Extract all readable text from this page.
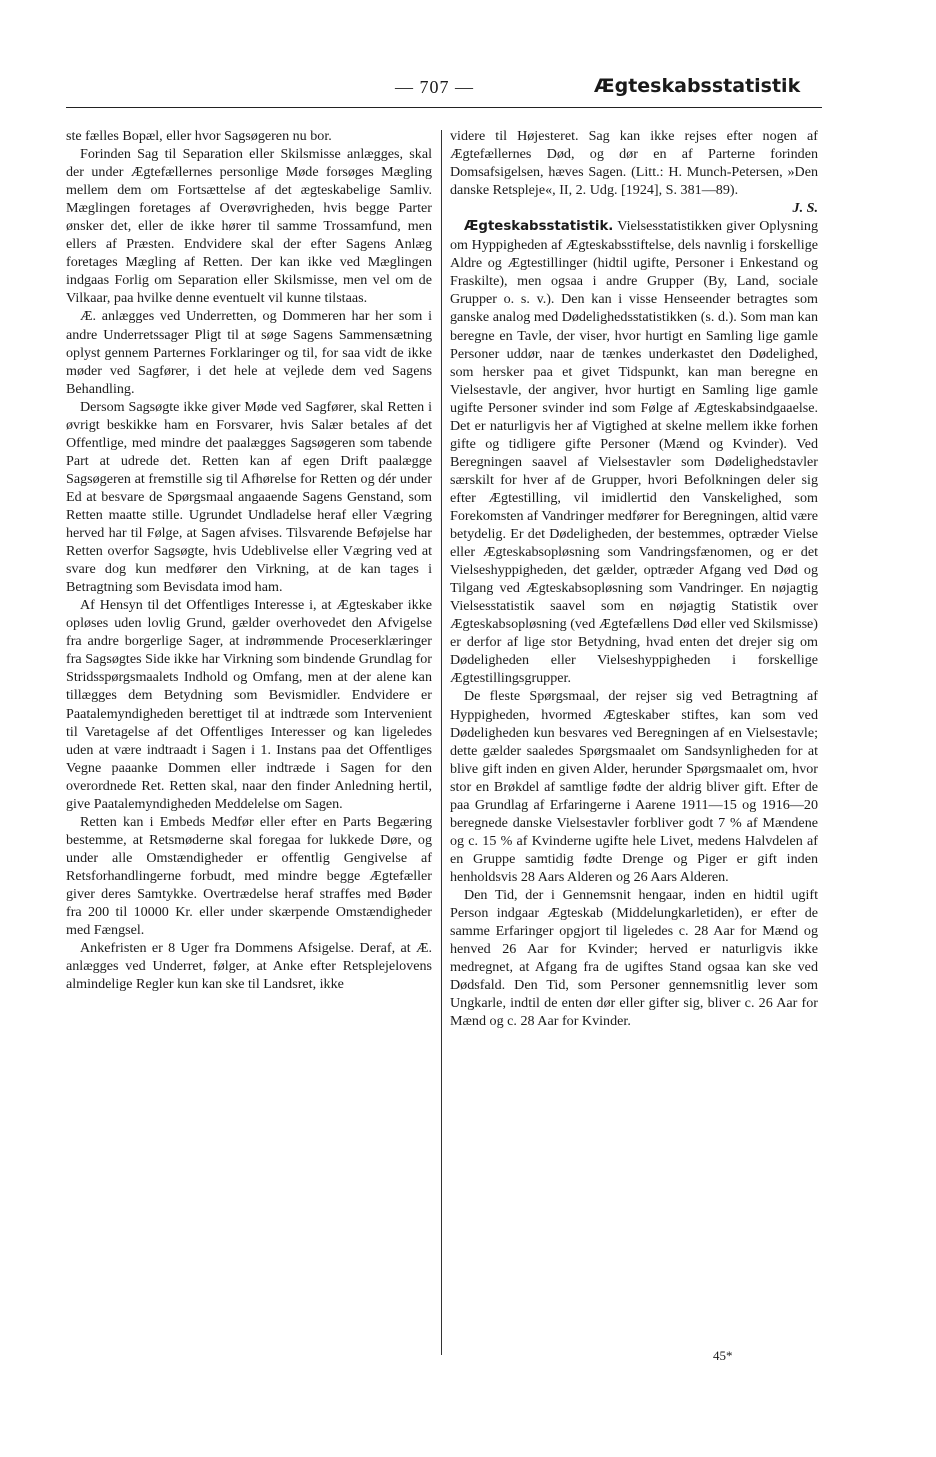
— 707 —	Ægteskabsstatistik

ste fælles Bopæl, eller hvor Sagsøgeren nu bor.

Forinden Sag til Separation eller Skilsmisse anlægges, skal der under Ægtefællernes personlige Møde forsøges Mægling mellem dem om Fortsættelse af det ægteskabelige Samliv. Mæglingen foretages af Overøvrigheden, hvis begge Parter ønsker det, eller de ikke hører til samme Trossamfund, men ellers af Præsten. Endvidere skal der efter Sagens Anlæg foretages Mægling af Retten. Der kan ikke ved Mæglingen indgaas Forlig om Separation eller Skilsmisse, men vel om de Vilkaar, paa hvilke denne eventuelt vil kunne tilstaas.

Æ. anlægges ved Underretten, og Dommeren har her som i andre Underretssager Pligt til at søge Sagens Sammensætning oplyst gennem Parternes Forklaringer og til, for saa vidt de ikke møder ved Sagfører, i det hele at vejlede dem ved Sagens Behandling.

Dersom Sagsøgte ikke giver Møde ved Sagfører, skal Retten i øvrigt beskikke ham en Forsvarer, hvis Salær betales af det Offentlige, med mindre det paalægges Sagsøgeren som tabende Part at udrede det. Retten kan af egen Drift paalægge Sagsøgeren at fremstille sig til Afhørelse for Retten og dér under Ed at besvare de Spørgsmaal angaaende Sagens Genstand, som Retten maatte stille. Ugrundet Undladelse heraf eller Vægring herved har til Følge, at Sagen afvises. Tilsvarende Beføjelse har Retten overfor Sagsøgte, hvis Udeblivelse eller Vægring ved at svare dog kun medfører den Virkning, at de kan tages i Betragtning som Bevisdata imod ham.

Af Hensyn til det Offentliges Interesse i, at Ægteskaber ikke opløses uden lovlig Grund, gælder overhovedet den Afvigelse fra andre borgerlige Sager, at indrømmende Proceserklæringer fra Sagsøgtes Side ikke har Virkning som bindende Grundlag for Stridsspørgsmaalets Indhold og Omfang, men at der alene kan tillægges dem Betydning som Bevismidler. Endvidere er Paatalemyndigheden berettiget til at indtræde som Intervenient til Varetagelse af det Offentliges Interesser og kan ligeledes uden at være indtraadt i Sagen i 1. Instans paa det Offentliges Vegne paaanke Dommen eller indtræde i Sagen for den overordnede Ret. Retten skal, naar den finder Anledning hertil, give Paatalemyndigheden Meddelelse om Sagen.

Retten kan i Embeds Medfør eller efter en Parts Begæring bestemme, at Retsmøderne skal foregaa for lukkede Døre, og under alle Omstændigheder er offentlig Gengivelse af Retsforhandlingerne forbudt, med mindre begge Ægtefæller giver deres Samtykke. Overtrædelse heraf straffes med Bøder fra 200 til 10000 Kr. eller under skærpende Omstændigheder med Fængsel.

Ankefristen er 8 Uger fra Dommens Afsigelse. Deraf, at Æ. anlægges ved Underret, følger, at Anke efter Retsplejelovens almindelige Regler kun kan ske til Landsret, ikke

videre til Højesteret. Sag kan ikke rejses efter nogen af Ægtefællernes Død, og dør en af Parterne forinden Domsafsigelsen, hæves Sagen. (Litt.: H. Munch-Petersen, »Den danske Retspleje«, II, 2. Udg. [1924], S. 381—89).

J. S.

Ægteskabsstatistik. Vielsesstatistikken giver Oplysning om Hyppigheden af Ægteskabsstiftelse, dels navnlig i forskellige Aldre og Ægtestillinger (hidtil ugifte, Personer i Enkestand og Fraskilte), men ogsaa i andre Grupper (By, Land, sociale Grupper o. s. v.). Den kan i visse Henseender betragtes som ganske analog med Dødelighedsstatistikken (s. d.). Som man kan beregne en Tavle, der viser, hvor hurtigt en Samling lige gamle Personer uddør, naar de tænkes underkastet den Dødelighed, som hersker paa et givet Tidspunkt, kan man beregne en Vielsestavle, der angiver, hvor hurtigt en Samling lige gamle ugifte Personer svinder ind som Følge af Ægteskabsindgaaelse. Det er naturligvis her af Vigtighed at skelne mellem ikke forhen gifte og tidligere gifte Personer (Mænd og Kvinder). Ved Beregningen saavel af Vielsestavler som Dødelighedstavler særskilt for hver af de Grupper, hvori Befolkningen deler sig efter Ægtestilling, vil imidlertid den Vanskelighed, som Forekomsten af Vandringer medfører for Beregningen, altid være betydelig. Er det Dødeligheden, der bestemmes, optræder Vielse eller Ægteskabsopløsning som Vandringsfænomen, og er det Vielseshyppigheden, det gælder, optræder Afgang ved Død og Tilgang ved Ægteskabsopløsning som Vandringer. En nøjagtig Vielsesstatistik saavel som en nøjagtig Statistik over Ægteskabsopløsning (ved Ægtefællens Død eller ved Skilsmisse) er derfor af lige stor Betydning, hvad enten det drejer sig om Dødeligheden eller Vielseshyppigheden i forskellige Ægtestillingsgrupper.

De fleste Spørgsmaal, der rejser sig ved Betragtning af Hyppigheden, hvormed Ægteskaber stiftes, kan som ved Dødeligheden kun besvares ved Beregningen af en Vielsestavle; dette gælder saaledes Spørgsmaalet om Sandsynligheden for at blive gift inden en given Alder, herunder Spørgsmaalet om, hvor stor en Brøkdel af samtlige fødte der aldrig bliver gift. Efter de paa Grundlag af Erfaringerne i Aarene 1911—15 og 1916—20 beregnede danske Vielsestavler forbliver godt 7 % af Mændene og c. 15 % af Kvinderne ugifte hele Livet, medens Halvdelen af en Gruppe samtidig fødte Drenge og Piger er gift inden henholdsvis 28 Aars Alderen og 26 Aars Alderen.

Den Tid, der i Gennemsnit hengaar, inden en hidtil ugift Person indgaar Ægteskab (Middelungkarletiden), er efter de samme Erfaringer opgjort til ligeledes c. 28 Aar for Mænd og henved 26 Aar for Kvinder; herved er naturligvis ikke medregnet, at Afgang fra de ugiftes Stand ogsaa kan ske ved Dødsfald. Den Tid, som Personer gennemsnitlig lever som Ungkarle, indtil de enten dør eller gifter sig, bliver c. 26 Aar for Mænd og c. 28 Aar for Kvinder.

45*
